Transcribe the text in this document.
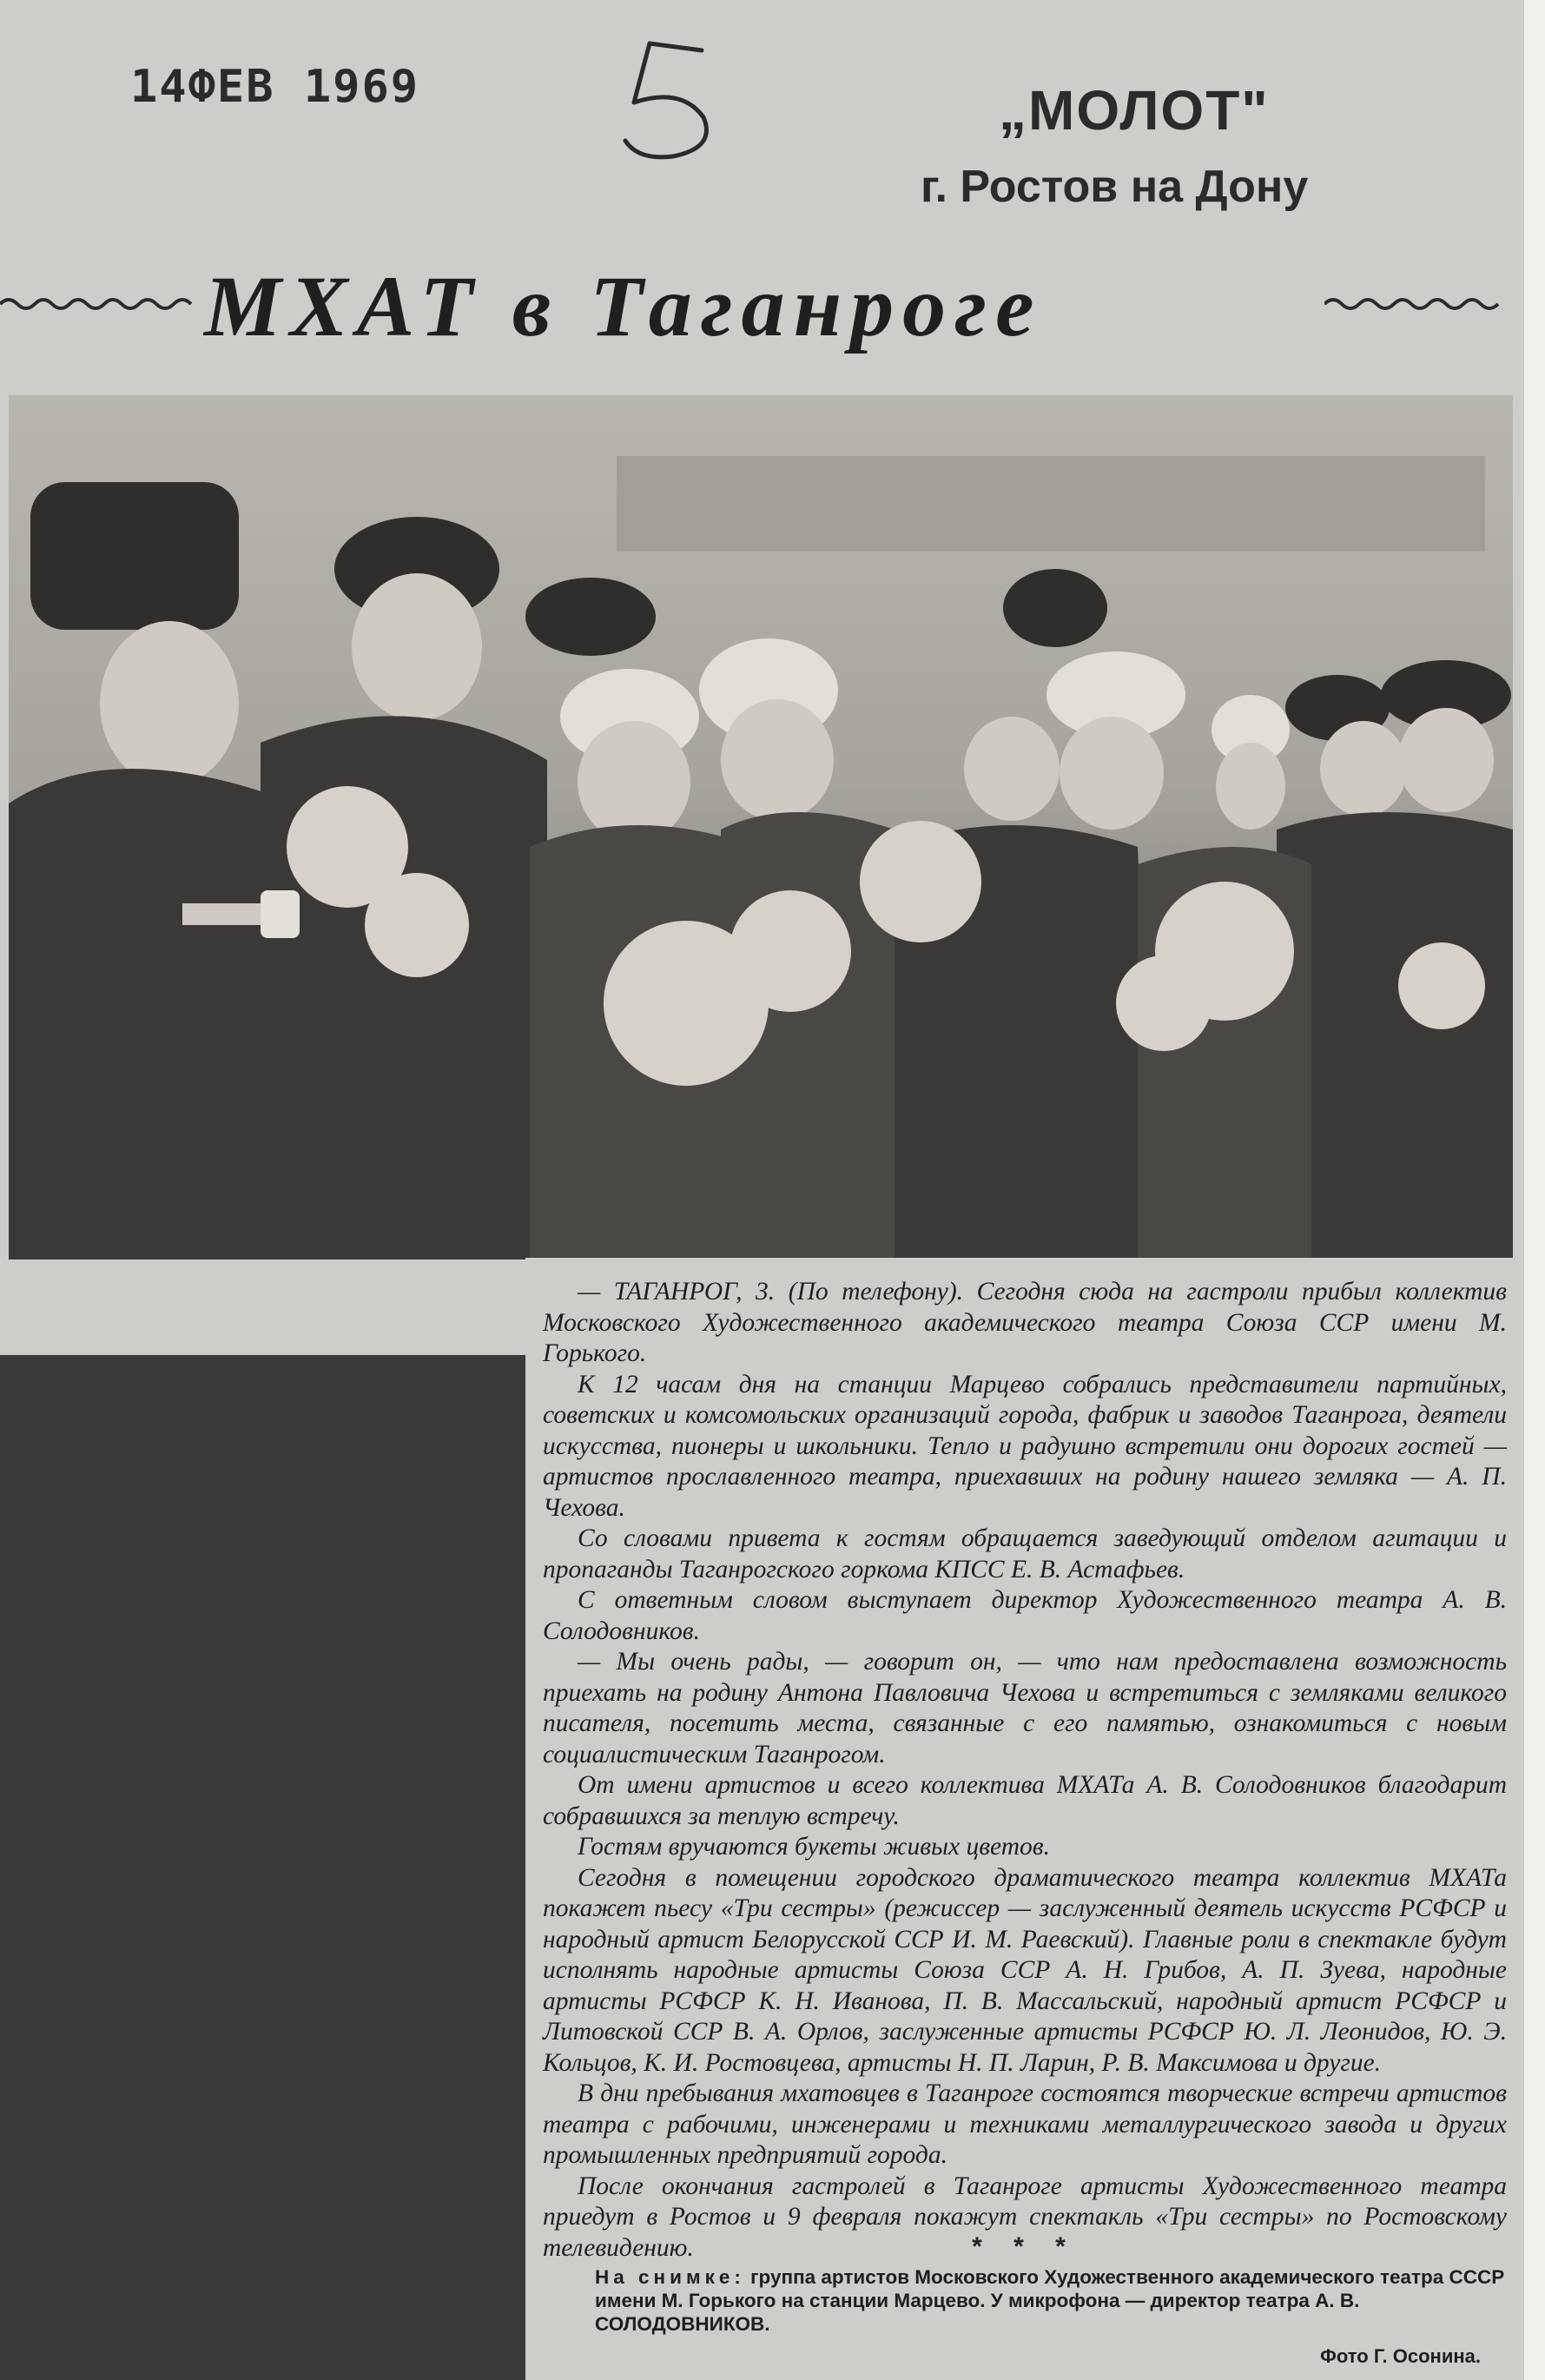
14ФЕВ 1969	„МОЛОТ"
г. Ростов на Дону
МХАТ в Таганроге

— ТАГАНРОГ, 3. (По телефону). Сегодня сюда на гастроли прибыл коллектив Московского Художественного академического театра Союза ССР имени М. Горького.

К 12 часам дня на станции Марцево собрались представители партийных, советских и комсомольских организаций города, фабрик и заводов Таганрога, деятели искусства, пионеры и школьники. Тепло и радушно встретили они дорогих гостей — артистов прославленного театра, приехавших на родину нашего земляка — А. П. Чехова.

Со словами привета к гостям обращается заведующий отделом агитации и пропаганды Таганрогского горкома КПСС Е. В. Астафьев.

С ответным словом выступает директор Художественного театра А. В. Солодовников.

— Мы очень рады, — говорит он, — что нам предоставлена возможность приехать на родину Антона Павловича Чехова и встретиться с земляками великого писателя, посетить места, связанные с его памятью, ознакомиться с новым социалистическим Таганрогом.

От имени артистов и всего коллектива МХАТа А. В. Солодовников благодарит собравшихся за теплую встречу.

Гостям вручаются букеты живых цветов.

Сегодня в помещении городского драматического театра коллектив МХАТа покажет пьесу «Три сестры» (режиссер — заслуженный деятель искусств РСФСР и народный артист Белорусской ССР И. М. Раевский). Главные роли в спектакле будут исполнять народные артисты Союза ССР А. Н. Грибов, А. П. Зуева, народные артисты РСФСР К. Н. Иванова, П. В. Массальский, народный артист РСФСР и Литовской ССР В. А. Орлов, заслуженные артисты РСФСР Ю. Л. Леонидов, Ю. Э. Кольцов, К. И. Ростовцева, артисты Н. П. Ларин, Р. В. Максимова и другие.

В дни пребывания мхатовцев в Таганроге состоятся творческие встречи артистов театра с рабочими, инженерами и техниками металлургического завода и других промышленных предприятий города.

После окончания гастролей в Таганроге артисты Художественного театра приедут в Ростов и 9 февраля покажут спектакль «Три сестры» по Ростовскому телевидению.	* * *
На снимке: группа артистов Московского Художественного академического театра СССР имени М. Горького на станции Марцево. У микрофона — директор театра А. В. СОЛОДОВНИКОВ.
Фото Г. Осонина.
